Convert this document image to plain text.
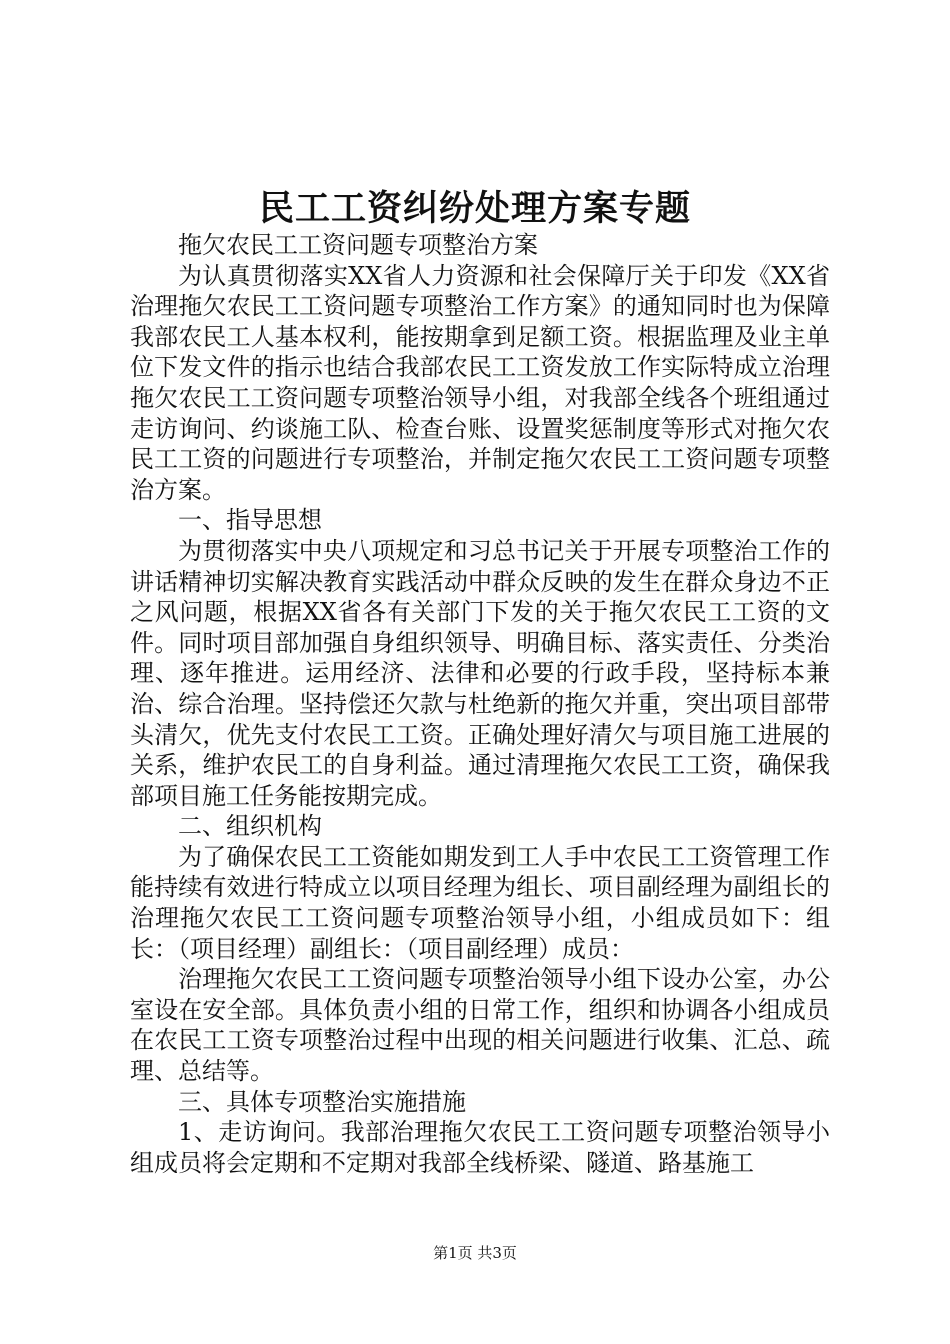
民工工资纠纷处理方案专题

拖欠农民工工资问题专项整治方案

为认真贯彻落实XX省人力资源和社会保障厅关于印发《XX省治理拖欠农民工工资问题专项整治工作方案》的通知同时也为保障我部农民工人基本权利，能按期拿到足额工资。根据监理及业主单位下发文件的指示也结合我部农民工工资发放工作实际特成立治理拖欠农民工工资问题专项整治领导小组，对我部全线各个班组通过走访询问、约谈施工队、检查台账、设置奖惩制度等形式对拖欠农民工工资的问题进行专项整治，并制定拖欠农民工工资问题专项整治方案。

一、指导思想

为贯彻落实中央八项规定和习总书记关于开展专项整治工作的讲话精神切实解决教育实践活动中群众反映的发生在群众身边不正之风问题，根据XX省各有关部门下发的关于拖欠农民工工资的文件。同时项目部加强自身组织领导、明确目标、落实责任、分类治理、逐年推进。运用经济、法律和必要的行政手段，坚持标本兼治、综合治理。坚持偿还欠款与杜绝新的拖欠并重，突出项目部带头清欠，优先支付农民工工资。正确处理好清欠与项目施工进展的关系，维护农民工的自身利益。通过清理拖欠农民工工资，确保我部项目施工任务能按期完成。

二、组织机构

为了确保农民工工资能如期发到工人手中农民工工资管理工作能持续有效进行特成立以项目经理为组长、项目副经理为副组长的治理拖欠农民工工资问题专项整治领导小组，小组成员如下：组长：（项目经理）副组长：（项目副经理）成员：

治理拖欠农民工工资问题专项整治领导小组下设办公室，办公室设在安全部。具体负责小组的日常工作，组织和协调各小组成员在农民工工资专项整治过程中出现的相关问题进行收集、汇总、疏理、总结等。

三、具体专项整治实施措施

1、走访询问。我部治理拖欠农民工工资问题专项整治领导小组成员将会定期和不定期对我部全线桥梁、隧道、路基施工

第1页 共3页
